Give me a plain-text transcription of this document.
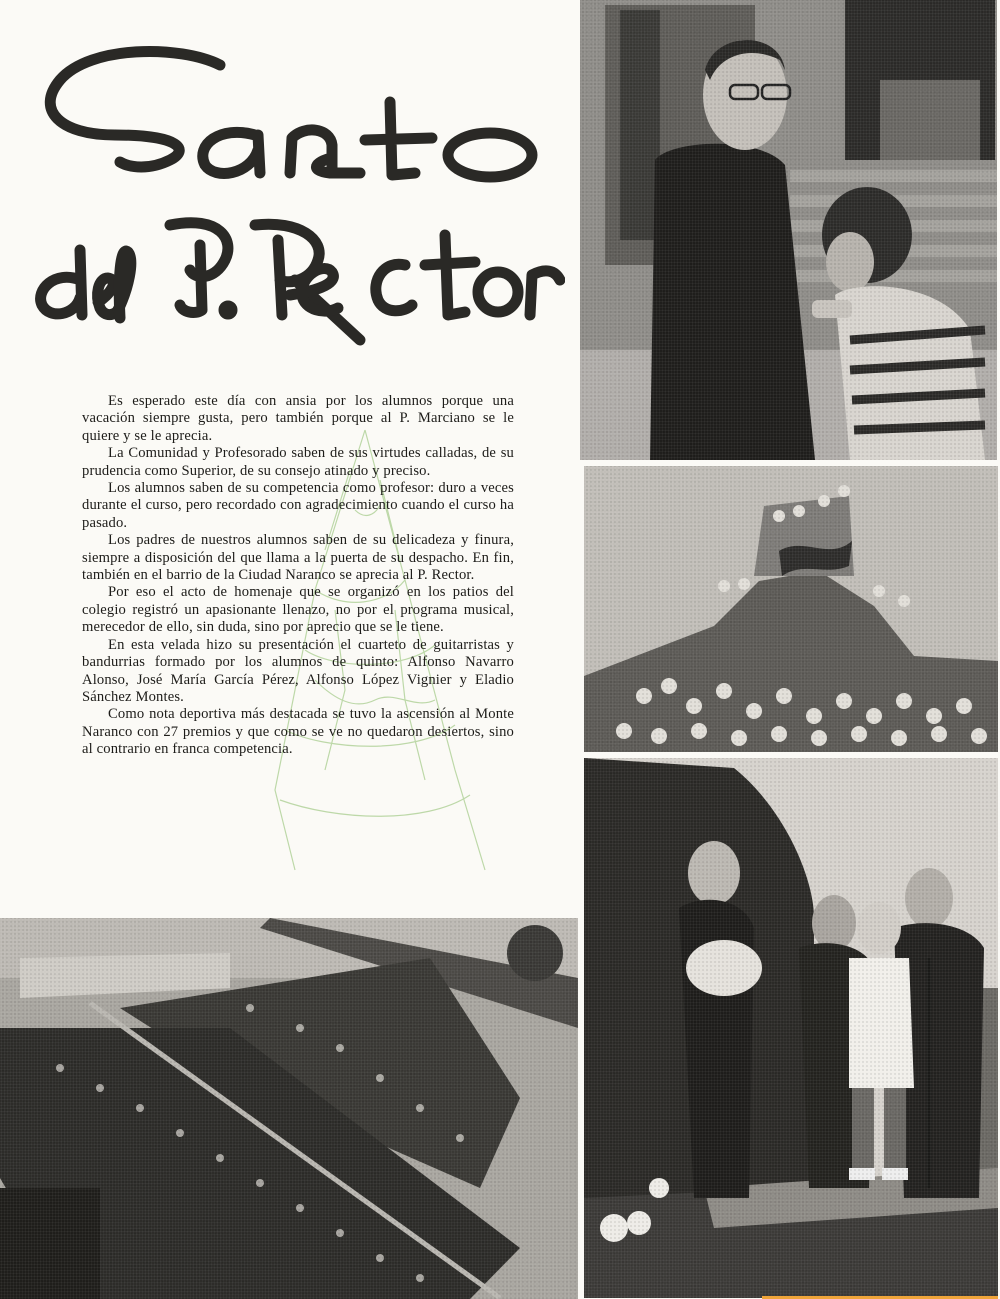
Es esperado este día con ansia por los alumnos porque una vacación siempre gusta, pero también porque al P. Marciano se le quiere y se le aprecia.

La Comunidad y Profesorado saben de sus virtudes calladas, de su prudencia como Superior, de su consejo atinado y preciso.

Los alumnos saben de su competencia como profesor: duro a veces durante el curso, pero recordado con agradecimiento cuando el curso ha pasado.

Los padres de nuestros alumnos saben de su delicadeza y finura, siempre a disposición del que llama a la puerta de su despacho. En fin, también en el barrio de la Ciudad Naranco se aprecia al P. Rector.

Por eso el acto de homenaje que se organizó en los patios del colegio registró un apasionante llenazo, no por el programa musical, merecedor de ello, sin duda, sino por aprecio que se le tiene.

En esta velada hizo su presentación el cuarteto de guitarristas y bandurrias formado por los alumnos de quinto: Alfonso Navarro Alonso, José María García Pérez, Alfonso López Vignier y Eladio Sánchez Montes.

Como nota deportiva más destacada se tuvo la ascensión al Monte Naranco con 27 premios y que como se ve no quedaron desiertos, sino al contrario en franca competencia.
